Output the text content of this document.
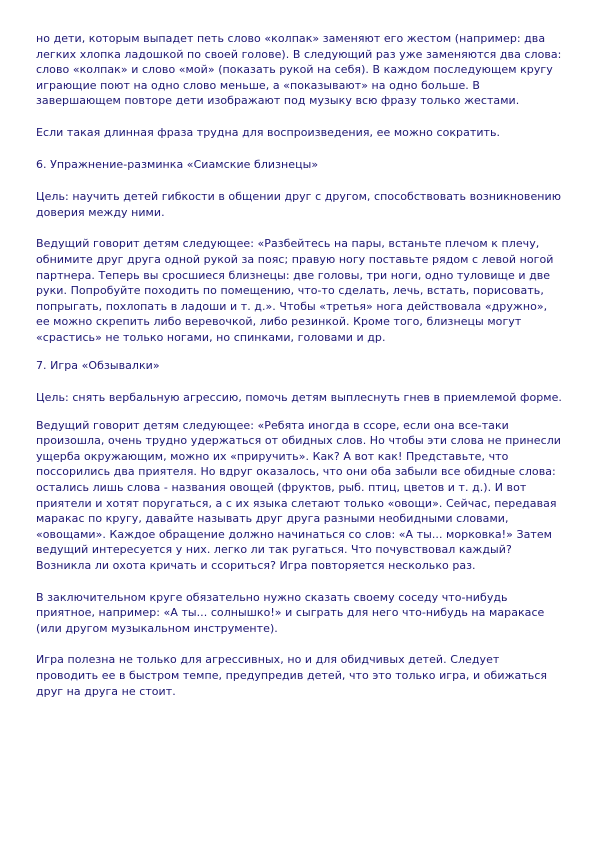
но дети, которым выпадет петь слово «колпак» заменяют его жестом (например: два легких хлопка ладошкой по своей голове). В следующий раз уже заменяются два слова: слово «колпак» и слово «мой» (показать рукой на себя). В каждом последующем кругу играющие поют на одно слово меньше, а «показывают» на одно больше. В завершающем повторе дети изображают под музыку всю фразу только жестами.

Если такая длинная фраза трудна для воспроизведения, ее можно сократить.

6. Упражнение-разминка «Сиамские близнецы»

Цель: научить детей гибкости в общении друг с другом, способствовать возникновению доверия между ними.

Ведущий говорит детям следующее: «Разбейтесь на пары, встаньте плечом к плечу, обнимите друг друга одной рукой за пояс; правую ногу поставьте рядом с левой ногой партнера. Теперь вы сросшиеся близнецы: две головы, три ноги, одно туловище и две руки. Попробуйте походить по помещению, что-то сделать, лечь, встать, порисовать, попрыгать, похлопать в ладоши и т. д.». Чтобы «третья» нога действовала «дружно», ее можно скрепить либо веревочкой, либо резинкой. Кроме того, близнецы могут «срастись» не только ногами, но спинками, головами и др.

7. Игра «Обзывалки»

Цель: снять вербальную агрессию, помочь детям выплеснуть гнев в приемлемой форме.

Ведущий говорит детям следующее: «Ребята иногда в ссоре, если она все-таки произошла, очень трудно удержаться от обидных слов. Но чтобы эти слова не принесли ущерба окружающим, можно их «приручить». Как? А вот как! Представьте, что поссорились два приятеля. Но вдруг оказалось, что они оба забыли все обидные слова: остались лишь слова - названия овощей (фруктов, рыб. птиц, цветов и т. д.). И вот приятели и хотят поругаться, а с их языка слетают только «овощи». Сейчас, передавая маракас по кругу, давайте называть друг друга разными необидными словами, «овощами». Каждое обращение должно начинаться со слов: «А ты... морковка!» Затем ведущий интересуется у них. легко ли так ругаться. Что почувствовал каждый? Возникла ли охота кричать и ссориться? Игра повторяется несколько раз.

В заключительном круге обязательно нужно сказать своему соседу что-нибудь приятное, например: «А ты... солнышко!» и сыграть для него что-нибудь на маракасе (или другом музыкальном инструменте).

Игра полезна не только для агрессивных, но и для обидчивых детей. Следует проводить ее в быстром темпе, предупредив детей, что это только игра, и обижаться друг на друга не стоит.
